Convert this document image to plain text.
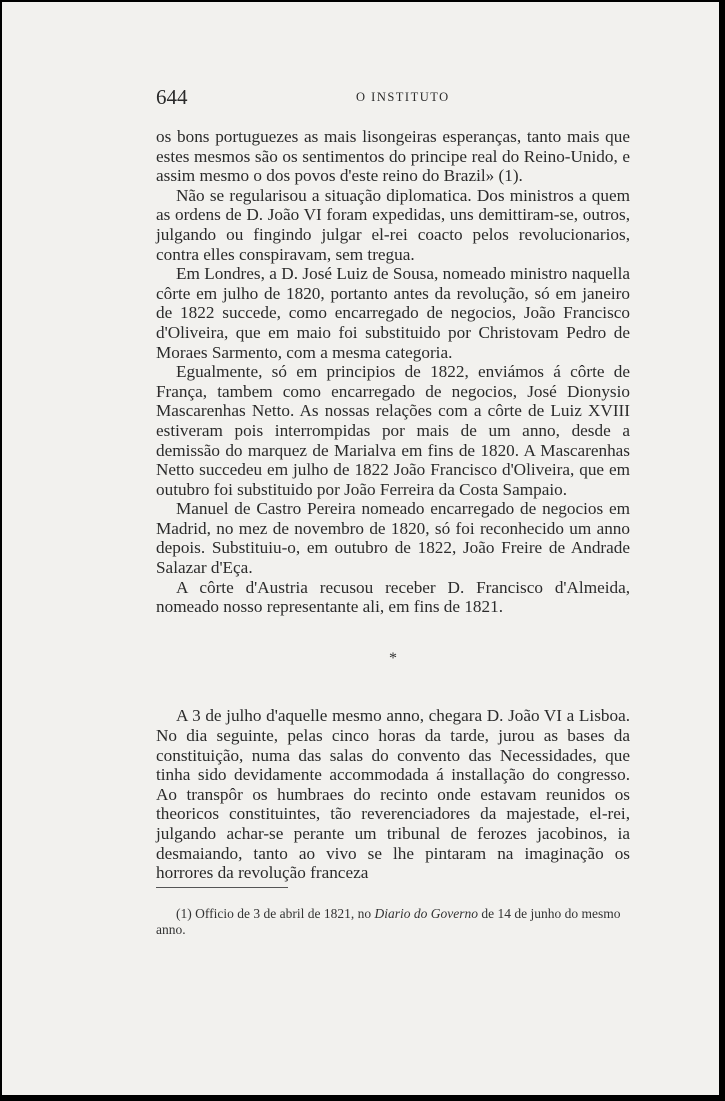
644	O INSTITUTO

os bons portuguezes as mais lisongeiras esperanças, tanto mais que estes mesmos são os sentimentos do principe real do Reino-Unido, e assim mesmo o dos povos d'este reino do Brazil» (1).

Não se regularisou a situação diplomatica. Dos ministros a quem as ordens de D. João VI foram expedidas, uns demittiram-se, outros, julgando ou fingindo julgar el-rei coacto pelos revolucionarios, contra elles conspiravam, sem tregua.

Em Londres, a D. José Luiz de Sousa, nomeado ministro naquella côrte em julho de 1820, portanto antes da revolução, só em janeiro de 1822 succede, como encarregado de negocios, João Francisco d'Oliveira, que em maio foi substituido por Christovam Pedro de Moraes Sarmento, com a mesma categoria.

Egualmente, só em principios de 1822, enviámos á côrte de França, tambem como encarregado de negocios, José Dionysio Mascarenhas Netto. As nossas relações com a côrte de Luiz XVIII estiveram pois interrompidas por mais de um anno, desde a demissão do marquez de Marialva em fins de 1820. A Mascarenhas Netto succedeu em julho de 1822 João Francisco d'Oliveira, que em outubro foi substituido por João Ferreira da Costa Sampaio.

Manuel de Castro Pereira nomeado encarregado de negocios em Madrid, no mez de novembro de 1820, só foi reconhecido um anno depois. Substituiu-o, em outubro de 1822, João Freire de Andrade Salazar d'Eça.

A côrte d'Austria recusou receber D. Francisco d'Almeida, nomeado nosso representante ali, em fins de 1821.

*

A 3 de julho d'aquelle mesmo anno, chegara D. João VI a Lisboa. No dia seguinte, pelas cinco horas da tarde, jurou as bases da constituição, numa das salas do convento das Necessidades, que tinha sido devidamente accommodada á installação do congresso. Ao transpôr os humbraes do recinto onde estavam reunidos os theoricos constituintes, tão reverenciadores da majestade, el-rei, julgando achar-se perante um tribunal de ferozes jacobinos, ia desmaiando, tanto ao vivo se lhe pintaram na imaginação os horrores da revolução franceza

(1) Officio de 3 de abril de 1821, no Diario do Governo de 14 de junho do mesmo anno.
